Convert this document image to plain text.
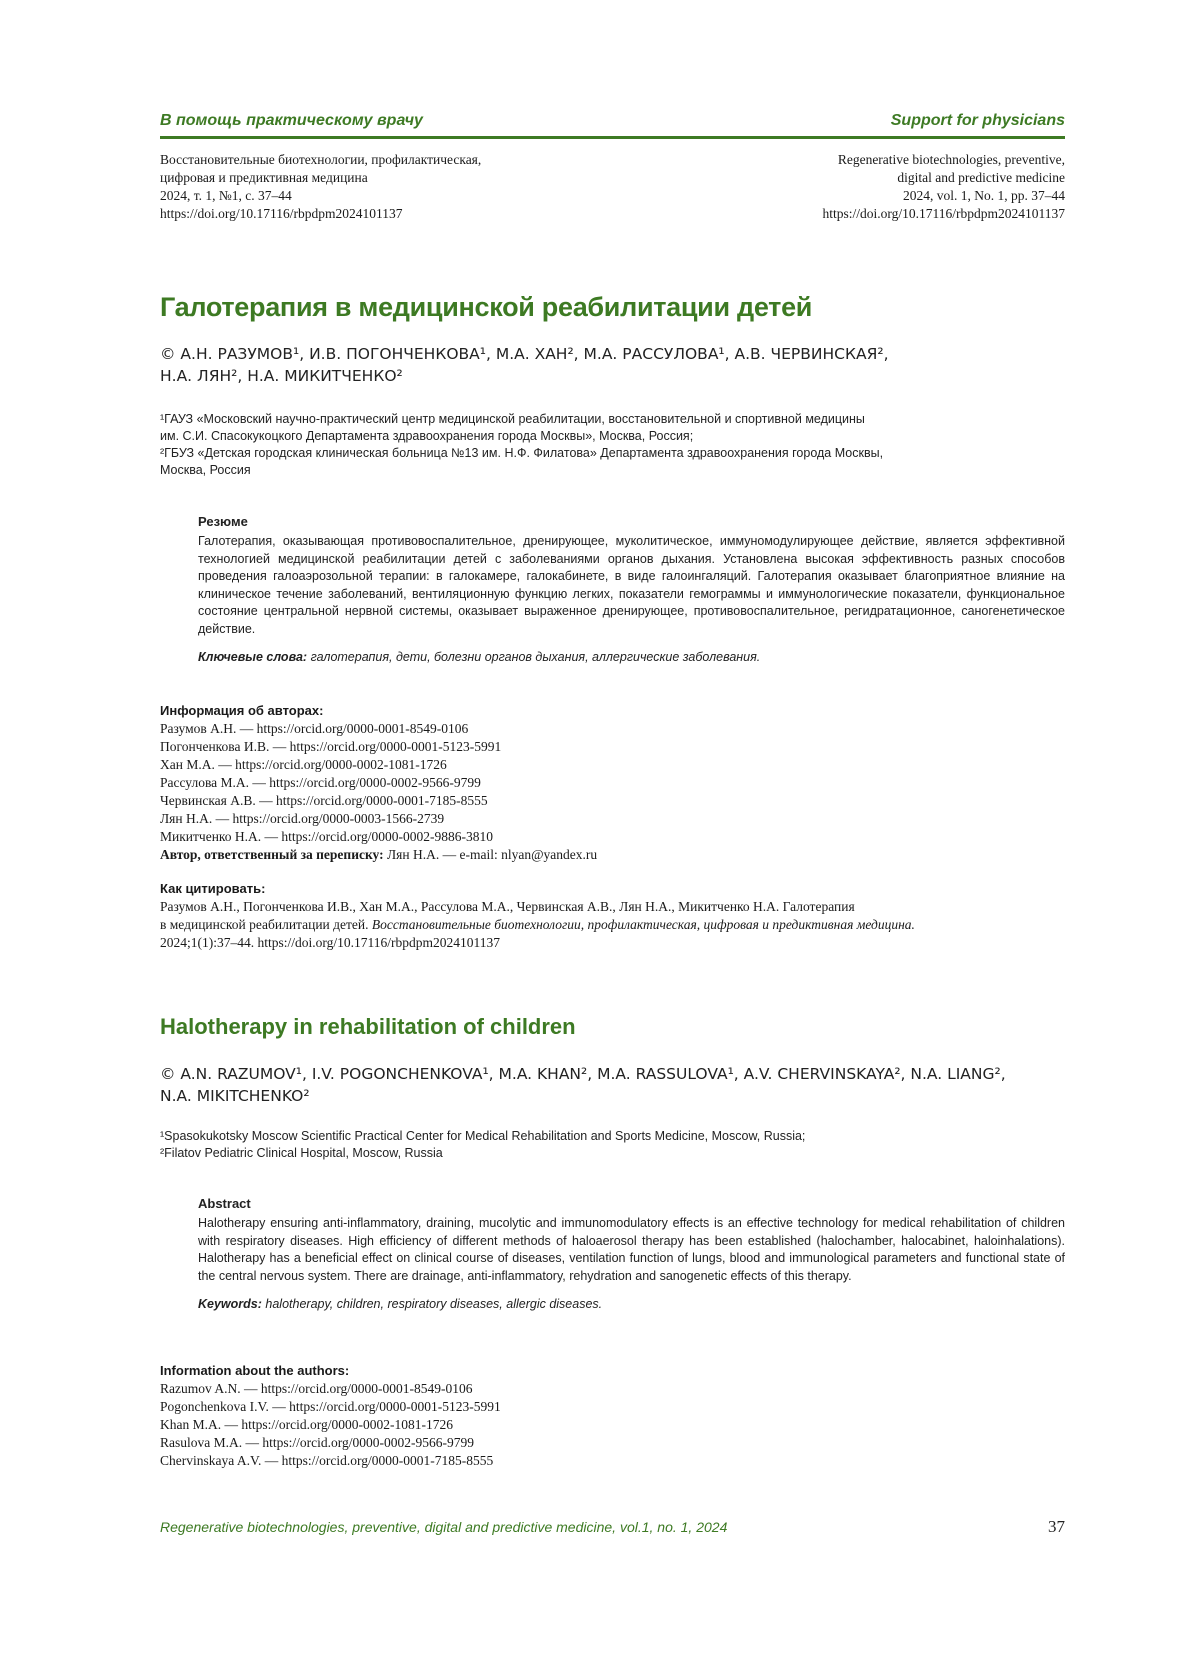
В помощь практическому врачу	Support for physicians
Восстановительные биотехнологии, профилактическая,
цифровая и предиктивная медицина
2024, т. 1, №1, с. 37–44
https://doi.org/10.17116/rbpdpm2024101137
Regenerative biotechnologies, preventive,
digital and predictive medicine
2024, vol. 1, No. 1, pp. 37–44
https://doi.org/10.17116/rbpdpm2024101137
Галотерапия в медицинской реабилитации детей
© А.Н. РАЗУМОВ¹, И.В. ПОГОНЧЕНКОВА¹, М.А. ХАН², М.А. РАССУЛОВА¹, А.В. ЧЕРВИНСКАЯ²,
Н.А. ЛЯН², Н.А. МИКИТЧЕНКО²
¹ГАУЗ «Московский научно-практический центр медицинской реабилитации, восстановительной и спортивной медицины
им. С.И. Спасокукоцкого Департамента здравоохранения города Москвы», Москва, Россия;
²ГБУЗ «Детская городская клиническая больница №13 им. Н.Ф. Филатова» Департамента здравоохранения города Москвы,
Москва, Россия
Резюме
Галотерапия, оказывающая противовоспалительное, дренирующее, муколитическое, иммуномодулирующее действие, является эффективной технологией медицинской реабилитации детей с заболеваниями органов дыхания. Установлена высокая эффективность разных способов проведения галоаэрозольной терапии: в галокамере, галокабинете, в виде галоингаляций. Галотерапия оказывает благоприятное влияние на клиническое течение заболеваний, вентиляционную функцию легких, показатели гемограммы и иммунологические показатели, функциональное состояние центральной нервной системы, оказывает выраженное дренирующее, противовоспалительное, регидратационное, саногенетическое действие.
Ключевые слова: галотерапия, дети, болезни органов дыхания, аллергические заболевания.
Информация об авторах:
Разумов А.Н. — https://orcid.org/0000-0001-8549-0106
Погонченкова И.В. — https://orcid.org/0000-0001-5123-5991
Хан М.А. — https://orcid.org/0000-0002-1081-1726
Рассулова М.А. — https://orcid.org/0000-0002-9566-9799
Червинская А.В. — https://orcid.org/0000-0001-7185-8555
Лян Н.А. — https://orcid.org/0000-0003-1566-2739
Микитченко Н.А. — https://orcid.org/0000-0002-9886-3810
Автор, ответственный за переписку: Лян Н.А. — e-mail: nlyan@yandex.ru
Как цитировать:
Разумов А.Н., Погонченкова И.В., Хан М.А., Рассулова М.А., Червинская А.В., Лян Н.А., Микитченко Н.А. Галотерапия
в медицинской реабилитации детей. Восстановительные биотехнологии, профилактическая, цифровая и предиктивная медицина.
2024;1(1):37–44. https://doi.org/10.17116/rbpdpm2024101137
Halotherapy in rehabilitation of children
© A.N. RAZUMOV¹, I.V. POGONCHENKOVA¹, M.A. KHAN², M.A. RASSULOVA¹, A.V. CHERVINSKAYA², N.A. LIANG²,
N.A. MIKITCHENKO²
¹Spasokukotsky Moscow Scientific Practical Center for Medical Rehabilitation and Sports Medicine, Moscow, Russia;
²Filatov Pediatric Clinical Hospital, Moscow, Russia
Abstract
Halotherapy ensuring anti-inflammatory, draining, mucolytic and immunomodulatory effects is an effective technology for medical rehabilitation of children with respiratory diseases. High efficiency of different methods of haloaerosol therapy has been established (halochamber, halocabinet, haloinhalations). Halotherapy has a beneficial effect on clinical course of diseases, ventilation function of lungs, blood and immunological parameters and functional state of the central nervous system. There are drainage, anti-inflammatory, rehydration and sanogenetic effects of this therapy.
Keywords: halotherapy, children, respiratory diseases, allergic diseases.
Information about the authors:
Razumov A.N. — https://orcid.org/0000-0001-8549-0106
Pogonchenkova I.V. — https://orcid.org/0000-0001-5123-5991
Khan M.A. — https://orcid.org/0000-0002-1081-1726
Rasulova M.A. — https://orcid.org/0000-0002-9566-9799
Chervinskaya A.V. — https://orcid.org/0000-0001-7185-8555
Regenerative biotechnologies, preventive, digital and predictive medicine, vol.1, no. 1, 2024	37
